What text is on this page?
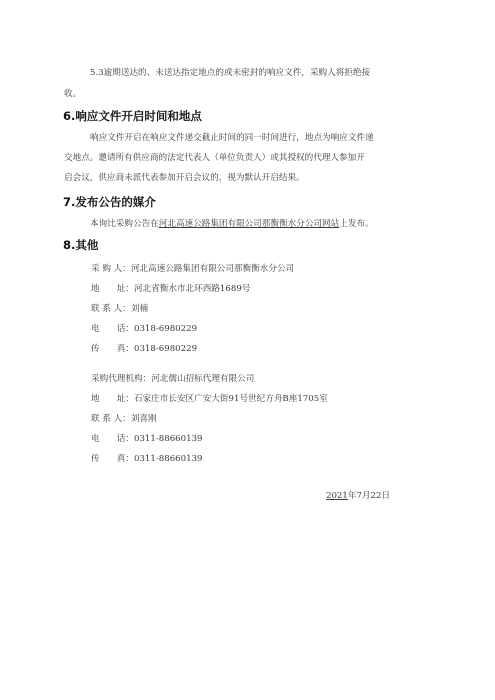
5.3逾期送达的、未送达指定地点的或未密封的响应文件，采购人将拒绝接
收。
6.响应文件开启时间和地点
响应文件开启在响应文件递交截止时间的同一时间进行，地点为响应文件递
交地点。邀请所有供应商的法定代表人（单位负责人）或其授权的代理人参加开
启会议，供应商未派代表参加开启会议的，视为默认开启结果。
7.发布公告的媒介
本询比采购公告在河北高速公路集团有限公司那衡衡水分公司网站上发布。
8.其他
采 购 人：河北高速公路集团有限公司那衡衡水分公司
地　　址：河北省衡水市北环西路1689号
联 系 人：刘楠
电　　话：0318-6980229
传　　真：0318-6980229
采购代理机构：河北儒山招标代理有限公司
地　　址：石家庄市长安区广安大街91号世纪方舟B座1705室
联 系 人：刘喜刚
电　　话：0311-88660139
传　　真：0311-88660139
2021年7月22日
